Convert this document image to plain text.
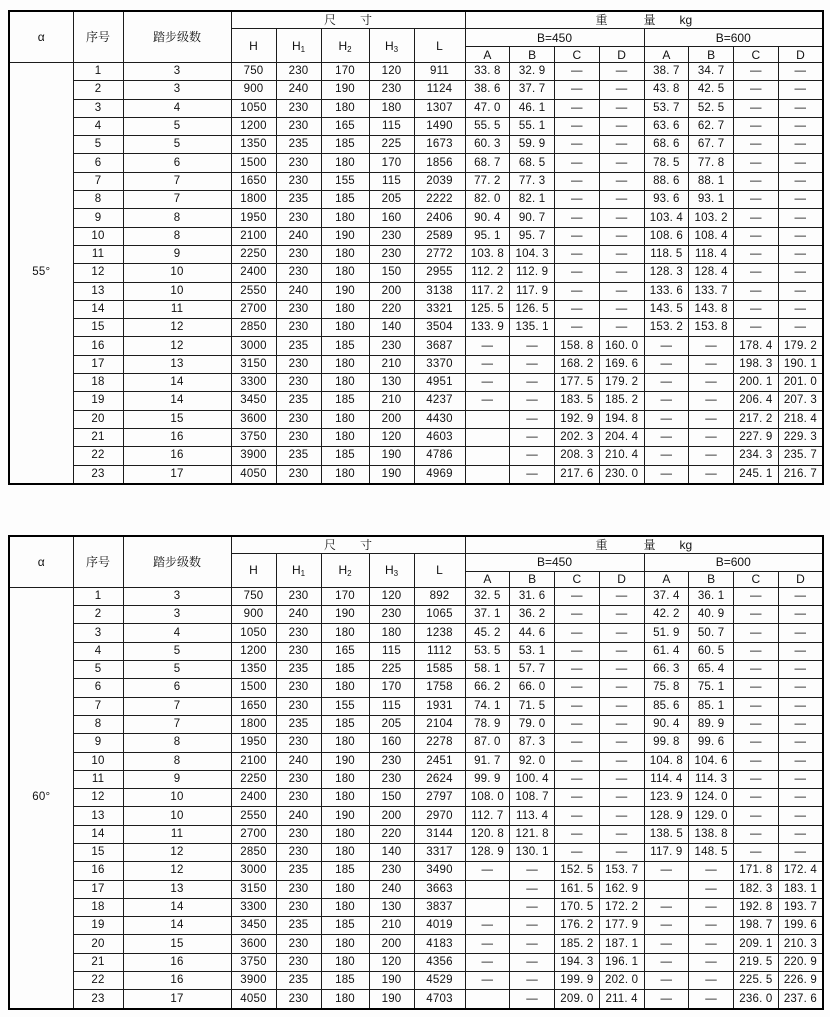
α	序号	踏步级数	尺　　寸					重　　　量　　kg							
			H	$H_1$	$H_2$	$H_3$	L	B=450				B=600			
								A	B	C	D	A	B	C	D
55°	1	3	750	230	170	120	911	33. 8	32. 9	—	—	38. 7	34. 7	—	—
	2	3	900	240	190	230	1124	38. 6	37. 7	—	—	43. 8	42. 5	—	—
	3	4	1050	230	180	180	1307	47. 0	46. 1	—	—	53. 7	52. 5	—	—
	4	5	1200	230	165	115	1490	55. 5	55. 1	—	—	63. 6	62. 7	—	—
	5	5	1350	235	185	225	1673	60. 3	59. 9	—	—	68. 6	67. 7	—	—
	6	6	1500	230	180	170	1856	68. 7	68. 5	—	—	78. 5	77. 8	—	—
	7	7	1650	230	155	115	2039	77. 2	77. 3	—	—	88. 6	88. 1	—	—
	8	7	1800	235	185	205	2222	82. 0	82. 1	—	—	93. 6	93. 1	—	—
	9	8	1950	230	180	160	2406	90. 4	90. 7	—	—	103. 4	103. 2	—	—
	10	8	2100	240	190	230	2589	95. 1	95. 7	—	—	108. 6	108. 4	—	—
	11	9	2250	230	180	230	2772	103. 8	104. 3	—	—	118. 5	118. 4	—	—
	12	10	2400	230	180	150	2955	112. 2	112. 9	—	—	128. 3	128. 4	—	—
	13	10	2550	240	190	200	3138	117. 2	117. 9	—	—	133. 6	133. 7	—	—
	14	11	2700	230	180	220	3321	125. 5	126. 5	—	—	143. 5	143. 8	—	—
	15	12	2850	230	180	140	3504	133. 9	135. 1	—	—	153. 2	153. 8	—	—
	16	12	3000	235	185	230	3687	—	—	158. 8	160. 0	—	—	178. 4	179. 2
	17	13	3150	230	180	210	3370	—	—	168. 2	169. 6	—	—	198. 3	190. 1
	18	14	3300	230	180	130	4951	—	—	177. 5	179. 2	—	—	200. 1	201. 0
	19	14	3450	235	185	210	4237	—	—	183. 5	185. 2	—	—	206. 4	207. 3
	20	15	3600	230	180	200	4430		—	192. 9	194. 8	—	—	217. 2	218. 4
	21	16	3750	230	180	120	4603		—	202. 3	204. 4	—	—	227. 9	229. 3
	22	16	3900	235	185	190	4786		—	208. 3	210. 4	—	—	234. 3	235. 7
	23	17	4050	230	180	190	4969		—	217. 6	230. 0	—	—	245. 1	216. 7
α	序号	踏步级数	尺　　寸					重　　　量　　kg							
			H	$H_1$	$H_2$	$H_3$	L	B=450				B=600			
								A	B	C	D	A	B	C	D
60°	1	3	750	230	170	120	892	32. 5	31. 6	—	—	37. 4	36. 1	—	—
	2	3	900	240	190	230	1065	37. 1	36. 2	—	—	42. 2	40. 9	—	—
	3	4	1050	230	180	180	1238	45. 2	44. 6	—	—	51. 9	50. 7	—	—
	4	5	1200	230	165	115	1112	53. 5	53. 1	—	—	61. 4	60. 5	—	—
	5	5	1350	235	185	225	1585	58. 1	57. 7	—	—	66. 3	65. 4	—	—
	6	6	1500	230	180	170	1758	66. 2	66. 0	—	—	75. 8	75. 1	—	—
	7	7	1650	230	155	115	1931	74. 1	71. 5	—	—	85. 6	85. 1	—	—
	8	7	1800	235	185	205	2104	78. 9	79. 0	—	—	90. 4	89. 9	—	—
	9	8	1950	230	180	160	2278	87. 0	87. 3	—	—	99. 8	99. 6	—	—
	10	8	2100	240	190	230	2451	91. 7	92. 0	—	—	104. 8	104. 6	—	—
	11	9	2250	230	180	230	2624	99. 9	100. 4	—	—	114. 4	114. 3	—	—
	12	10	2400	230	180	150	2797	108. 0	108. 7	—	—	123. 9	124. 0	—	—
	13	10	2550	240	190	200	2970	112. 7	113. 4	—	—	128. 9	129. 0	—	—
	14	11	2700	230	180	220	3144	120. 8	121. 8	—	—	138. 5	138. 8	—	—
	15	12	2850	230	180	140	3317	128. 9	130. 1	—	—	117. 9	148. 5	—	—
	16	12	3000	235	185	230	3490	—	—	152. 5	153. 7	—	—	171. 8	172. 4
	17	13	3150	230	180	240	3663		—	161. 5	162. 9		—	182. 3	183. 1
	18	14	3300	230	180	130	3837		—	170. 5	172. 2	—	—	192. 8	193. 7
	19	14	3450	235	185	210	4019	—	—	176. 2	177. 9	—	—	198. 7	199. 6
	20	15	3600	230	180	200	4183	—	—	185. 2	187. 1	—	—	209. 1	210. 3
	21	16	3750	230	180	120	4356	—	—	194. 3	196. 1	—	—	219. 5	220. 9
	22	16	3900	235	185	190	4529	—	—	199. 9	202. 0	—	—	225. 5	226. 9
	23	17	4050	230	180	190	4703		—	209. 0	211. 4	—	—	236. 0	237. 6
